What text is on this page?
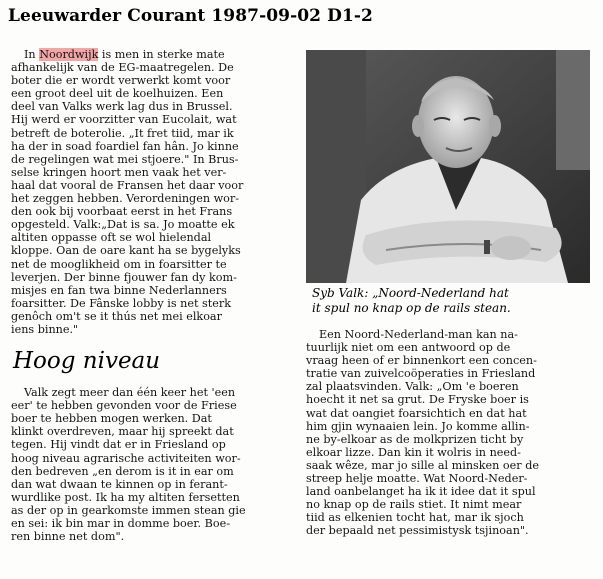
Leeuwarder Courant 1987-09-02 D1-2

In Noordwijk is men in sterke mate
afhankelijk van de EG-maatregelen. De
boter die er wordt verwerkt komt voor
een groot deel uit de koelhuizen. Een
deel van Valks werk lag dus in Brussel.
Hij werd er voorzitter van Eucolait, wat
betreft de boterolie. „It fret tiid, mar ik
ha der in soad foardiel fan hân. Jo kinne
de regelingen wat mei stjoere." In Brus-
selse kringen hoort men vaak het ver-
haal dat vooral de Fransen het daar voor
het zeggen hebben. Verordeningen wor-
den ook bij voorbaat eerst in het Frans
opgesteld. Valk:„Dat is sa. Jo moatte ek
altiten oppasse oft se wol hielendal
kloppe. Oan de oare kant ha se bygelyks
net de mooglikheid om in foarsitter te
leverjen. Der binne fjouwer fan dy kom-
misjes en fan twa binne Nederlanners
foarsitter. De Fânske lobby is net sterk
genôch om't se it thús net mei elkoar
iens binne."

Hoog niveau

Valk zegt meer dan één keer het 'een
eer' te hebben gevonden voor de Friese
boer te hebben mogen werken. Dat
klinkt overdreven, maar hij spreekt dat
tegen. Hij vindt dat er in Friesland op
hoog niveau agrarische activiteiten wor-
den bedreven „en derom is it in ear om
dan wat dwaan te kinnen op in ferant-
wurdlike post. Ik ha my altiten fersetten
as der op in gearkomste immen stean gie
en sei: ik bin mar in domme boer. Boe-
ren binne net dom".

Syb Valk: „Noord-Nederland hat
it spul no knap op de rails stean.

Een Noord-Nederland-man kan na-
tuurlijk niet om een antwoord op de
vraag heen of er binnenkort een concen-
tratie van zuivelcoöperaties in Friesland
zal plaatsvinden. Valk: „Om 'e boeren
hoecht it net sa grut. De Fryske boer is
wat dat oangiet foarsichtich en dat hat
him gjin wynaaien lein. Jo komme allin-
ne by-elkoar as de molkprizen ticht by
elkoar lizze. Dan kin it wolris in need-
saak wêze, mar jo sille al minsken oer de
streep helje moatte. Wat Noord-Neder-
land oanbelanget ha ik it idee dat it spul
no knap op de rails stiet. It nimt mear
tiid as elkenien tocht hat, mar ik sjoch
der bepaald net pessimistysk tsjinoan".
